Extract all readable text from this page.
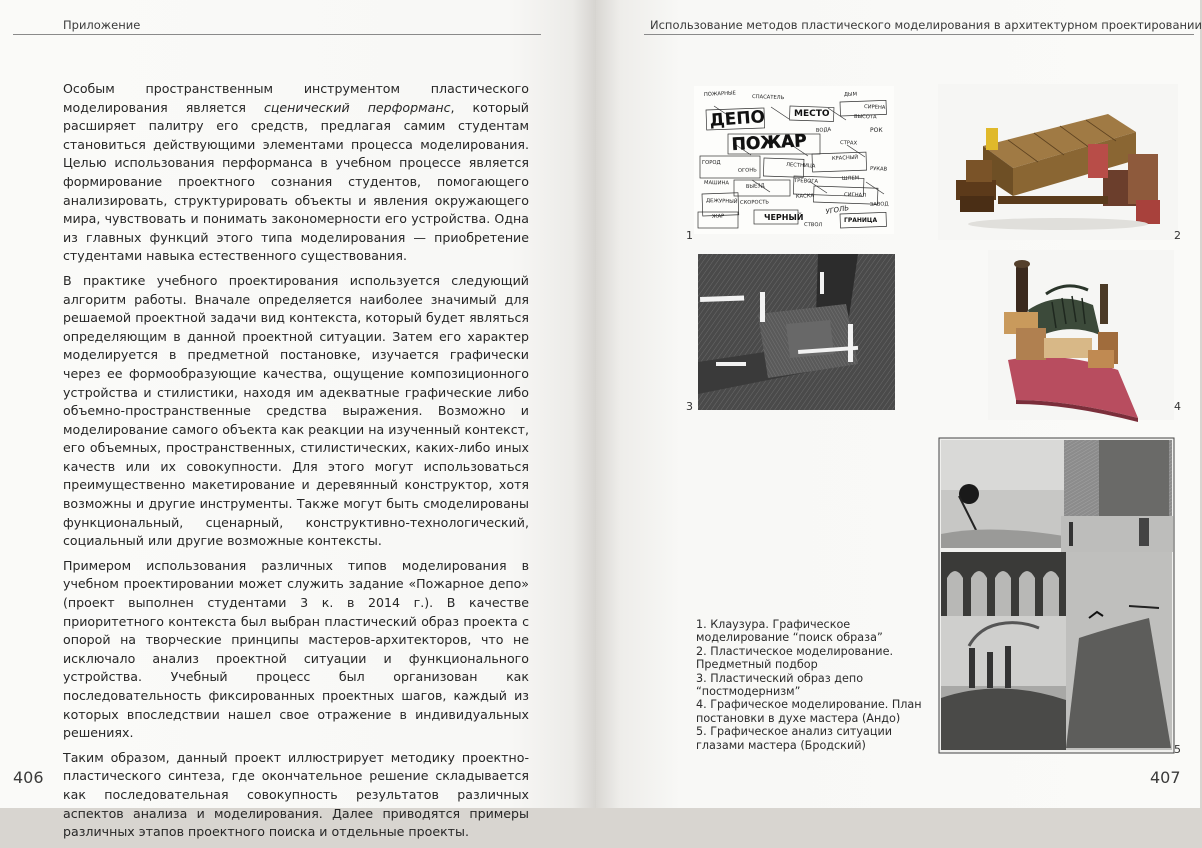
Приложение

Особым пространственным инструментом пластического моделирования является сценический перформанс, который расширяет палитру его средств, предлагая самим студентам становиться действующими элементами процесса моделирования. Целью использования перформанса в учебном процессе является формирование проектного сознания студентов, помогающего анализировать, структурировать объекты и явления окружающего мира, чувствовать и понимать закономерности его устройства. Одна из главных функций этого типа моделирования — приобретение студентами навыка естественного существования.

В практике учебного проектирования используется следующий алгоритм работы. Вначале определяется наиболее значимый для решаемой проектной задачи вид контекста, который будет являться определяющим в данной проектной ситуации. Затем его характер моделируется в предметной постановке, изучается графически через ее формообразующие качества, ощущение композиционного устройства и стилистики, находя им адекватные графические либо объемно-пространственные средства выражения. Возможно и моделирование самого объекта как реакции на изученный контекст, его объемных, пространственных, стилистических, каких-либо иных качеств или их совокупности. Для этого могут использоваться преимущественно макетирование и деревянный конструктор, хотя возможны и другие инструменты. Также могут быть смоделированы функциональный, сценарный, конструктивно-технологический, социальный или другие возможные контексты.

Примером использования различных типов моделирования в учебном проектировании может служить задание «Пожарное депо» (проект выполнен студентами 3 к. в 2014 г.). В качестве приоритетного контекста был выбран пластический образ проекта с опорой на творческие принципы мастеров-архитекторов, что не исключало анализ проектной ситуации и функционального устройства. Учебный процесс был организован как последовательность фиксированных проектных шагов, каждый из которых впоследствии нашел свое отражение в индивидуальных решениях.

Таким образом, данный проект иллюстрирует методику проектно-пластического синтеза, где окончательное решение складывается как последовательная совокупность результатов различных аспектов анализа и моделирования. Далее приводятся примеры различных этапов проектного поиска и отдельные проекты.

406
Использование методов пластического моделирования в архитектурном проектировании
ПОЖАРНЫЕ	СПАСАТЕЛЬ	ДЫМ
СИРЕНА
ВОДА
СТРАХ
ГОРОД
ОГОНЬ
ЛЕСТНИЦА
КРАСНЫЙ
РУКАВ
МАШИНА	ВЫЕЗД
ТРЕВОГА	ШЛЕМ
ДЕЖУРНЫЙ СКОРОСТЬ
КАСКА	СИГНАЛ
ЖАР
СТВОЛ
ЗАВОД
ВЫСОТА
ДЕПО
ПОЖАР
МЕСТО
ЧЕРНЫЙ
РОК
УГОЛЬ
ГРАНИЦА
1	2
3	4
5

1. Клаузура. Графическое моделирование “поиск образа”

2. Пластическое моделирование. Предметный подбор

3. Пластический образ депо “постмодернизм”

4. Графическое моделирование. План постановки в духе мастера (Андо)

5. Графическое анализ ситуации глазами мастера (Бродский)

407
